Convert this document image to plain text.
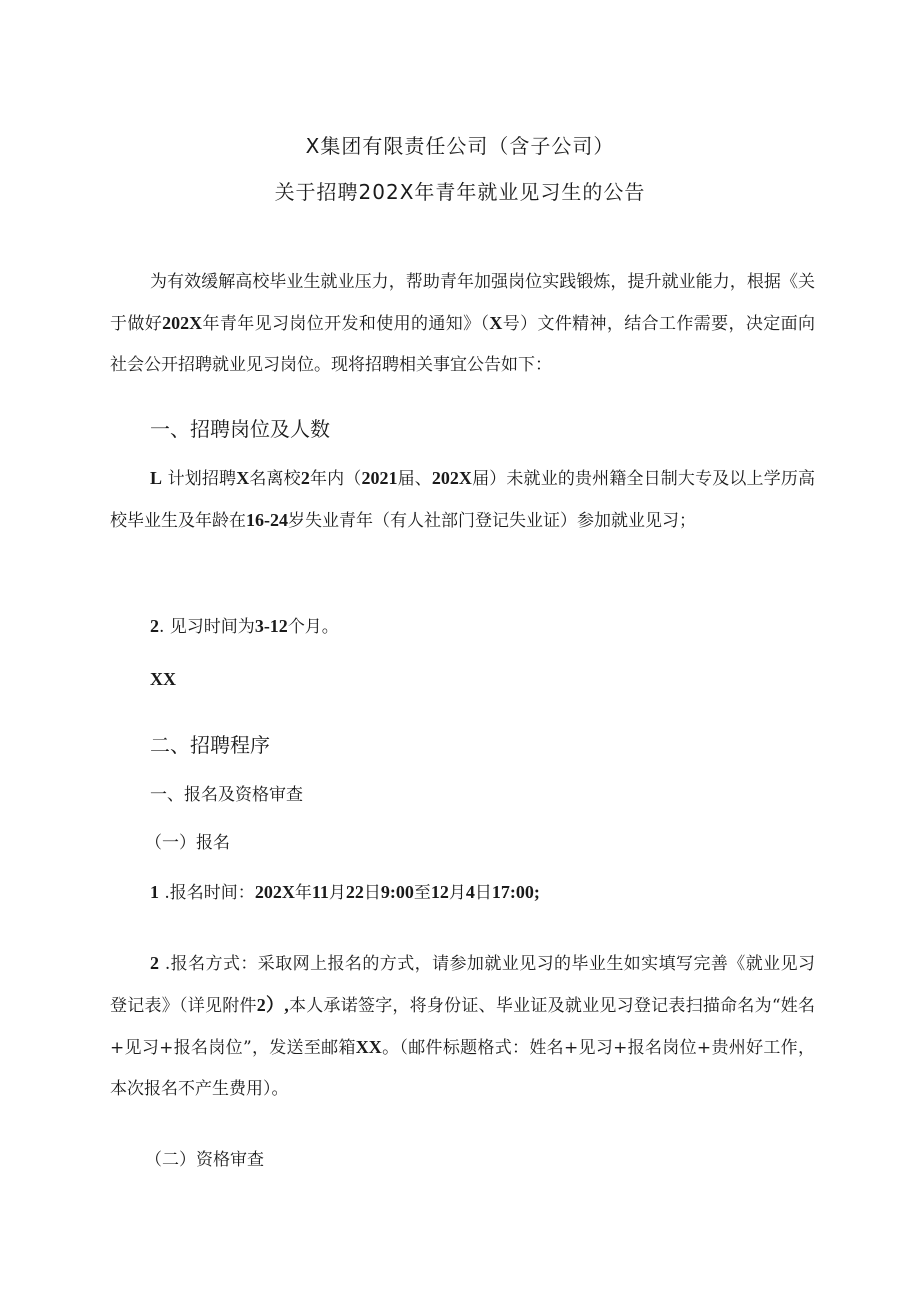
X集团有限责任公司（含子公司）
关于招聘202X年青年就业见习生的公告
为有效缓解高校毕业生就业压力，帮助青年加强岗位实践锻炼，提升就业能力，根据《关于做好202X年青年见习岗位开发和使用的通知》（X号）文件精神，结合工作需要，决定面向社会公开招聘就业见习岗位。现将招聘相关事宜公告如下：
一、招聘岗位及人数
L 计划招聘X名离校2年内（2021届、202X届）未就业的贵州籍全日制大专及以上学历高校毕业生及年龄在16-24岁失业青年（有人社部门登记失业证）参加就业见习；
2. 见习时间为3-12个月。
XX
二、招聘程序
一、报名及资格审查
（一）报名
1 .报名时间：202X年11月22日9:00至12月4日17:00;
2 .报名方式：采取网上报名的方式，请参加就业见习的毕业生如实填写完善《就业见习登记表》（详见附件2）,本人承诺签字，将身份证、毕业证及就业见习登记表扫描命名为“姓名+见习+报名岗位”，发送至邮箱XX。（邮件标题格式：姓名+见习+报名岗位+贵州好工作，本次报名不产生费用）。
（二）资格审查
